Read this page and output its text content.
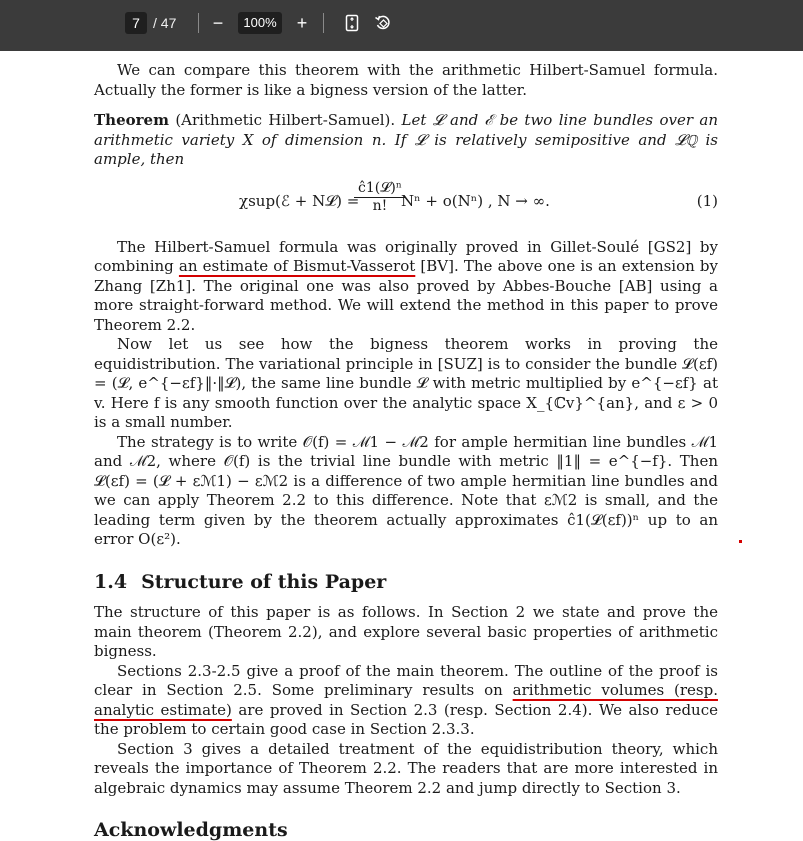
7 / 47	−	100%	+

We can compare this theorem with the arithmetic Hilbert-Samuel formula. Actually the former is like a bigness version of the latter.

Theorem (Arithmetic Hilbert-Samuel). Let 𝓛 and ℰ be two line bundles over an arithmetic variety X of dimension n. If 𝓛 is relatively semipositive and 𝓛ℚ is ample, then

χsup(ℰ + N𝓛) =
ĉ1(𝓛)ⁿ
n! Nⁿ + o(Nⁿ) , N → ∞.	(1)

The Hilbert-Samuel formula was originally proved in Gillet-Soulé [GS2] by combining an estimate of Bismut-Vasserot [BV]. The above one is an extension by Zhang [Zh1]. The original one was also proved by Abbes-Bouche [AB] using a more straight-forward method. We will extend the method in this paper to prove Theorem 2.2.

Now let us see how the bigness theorem works in proving the equidistribution. The variational principle in [SUZ] is to consider the bundle 𝓛(εf) = (𝓛, e^{−εf}‖·‖𝓛), the same line bundle 𝓛 with metric multiplied by e^{−εf} at v. Here f is any smooth function over the analytic space X_{ℂv}^{an}, and ε > 0 is a small number.

The strategy is to write 𝒪(f) = ℳ1 − ℳ2 for ample hermitian line bundles ℳ1 and ℳ2, where 𝒪(f) is the trivial line bundle with metric ‖1‖ = e^{−f}. Then 𝓛(εf) = (𝓛 + εℳ1) − εℳ2 is a difference of two ample hermitian line bundles and we can apply Theorem 2.2 to this difference. Note that εℳ2 is small, and the leading term given by the theorem actually approximates ĉ1(𝓛(εf))ⁿ up to an error O(ε²).

1.4 Structure of this Paper

The structure of this paper is as follows. In Section 2 we state and prove the main theorem (Theorem 2.2), and explore several basic properties of arithmetic bigness.

Sections 2.3-2.5 give a proof of the main theorem. The outline of the proof is clear in Section 2.5. Some preliminary results on arithmetic volumes (resp. analytic estimate) are proved in Section 2.3 (resp. Section 2.4). We also reduce the problem to certain good case in Section 2.3.3.

Section 3 gives a detailed treatment of the equidistribution theory, which reveals the importance of Theorem 2.2. The readers that are more interested in algebraic dynamics may assume Theorem 2.2 and jump directly to Section 3.

Acknowledgments
